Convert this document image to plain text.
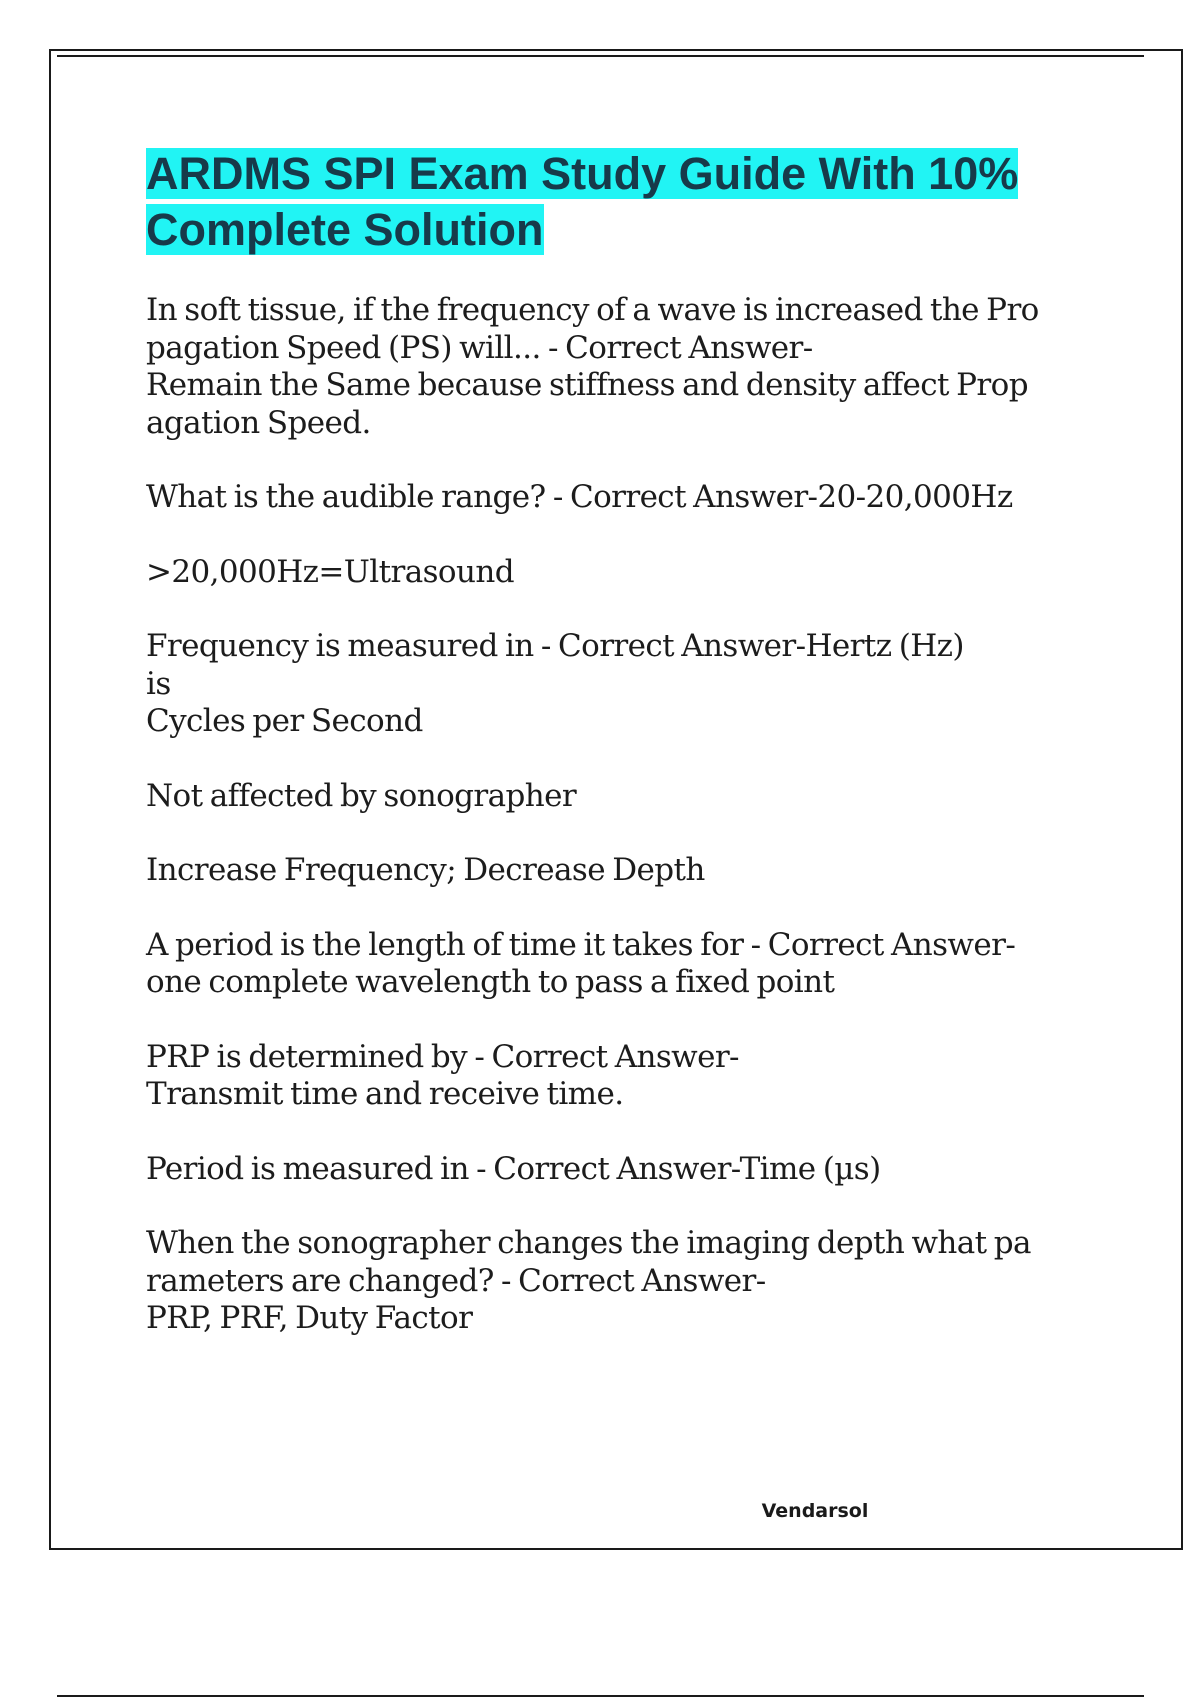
ARDMS SPI Exam Study Guide With 10% Complete Solution

In soft tissue, if the frequency of a wave is increased the Pro
pagation Speed (PS) will... - Correct Answer-
Remain the Same because stiffness and density affect Prop
agation Speed.

What is the audible range? - Correct Answer-20-20,000Hz

>20,000Hz=Ultrasound

Frequency is measured in - Correct Answer-Hertz (Hz)
is
Cycles per Second

Not affected by sonographer

Increase Frequency; Decrease Depth

A period is the length of time it takes for - Correct Answer-
one complete wavelength to pass a fixed point

PRP is determined by - Correct Answer-
Transmit time and receive time.

Period is measured in - Correct Answer-Time (µs)

When the sonographer changes the imaging depth what pa
rameters are changed? - Correct Answer-
PRP, PRF, Duty Factor

Vendarsol
